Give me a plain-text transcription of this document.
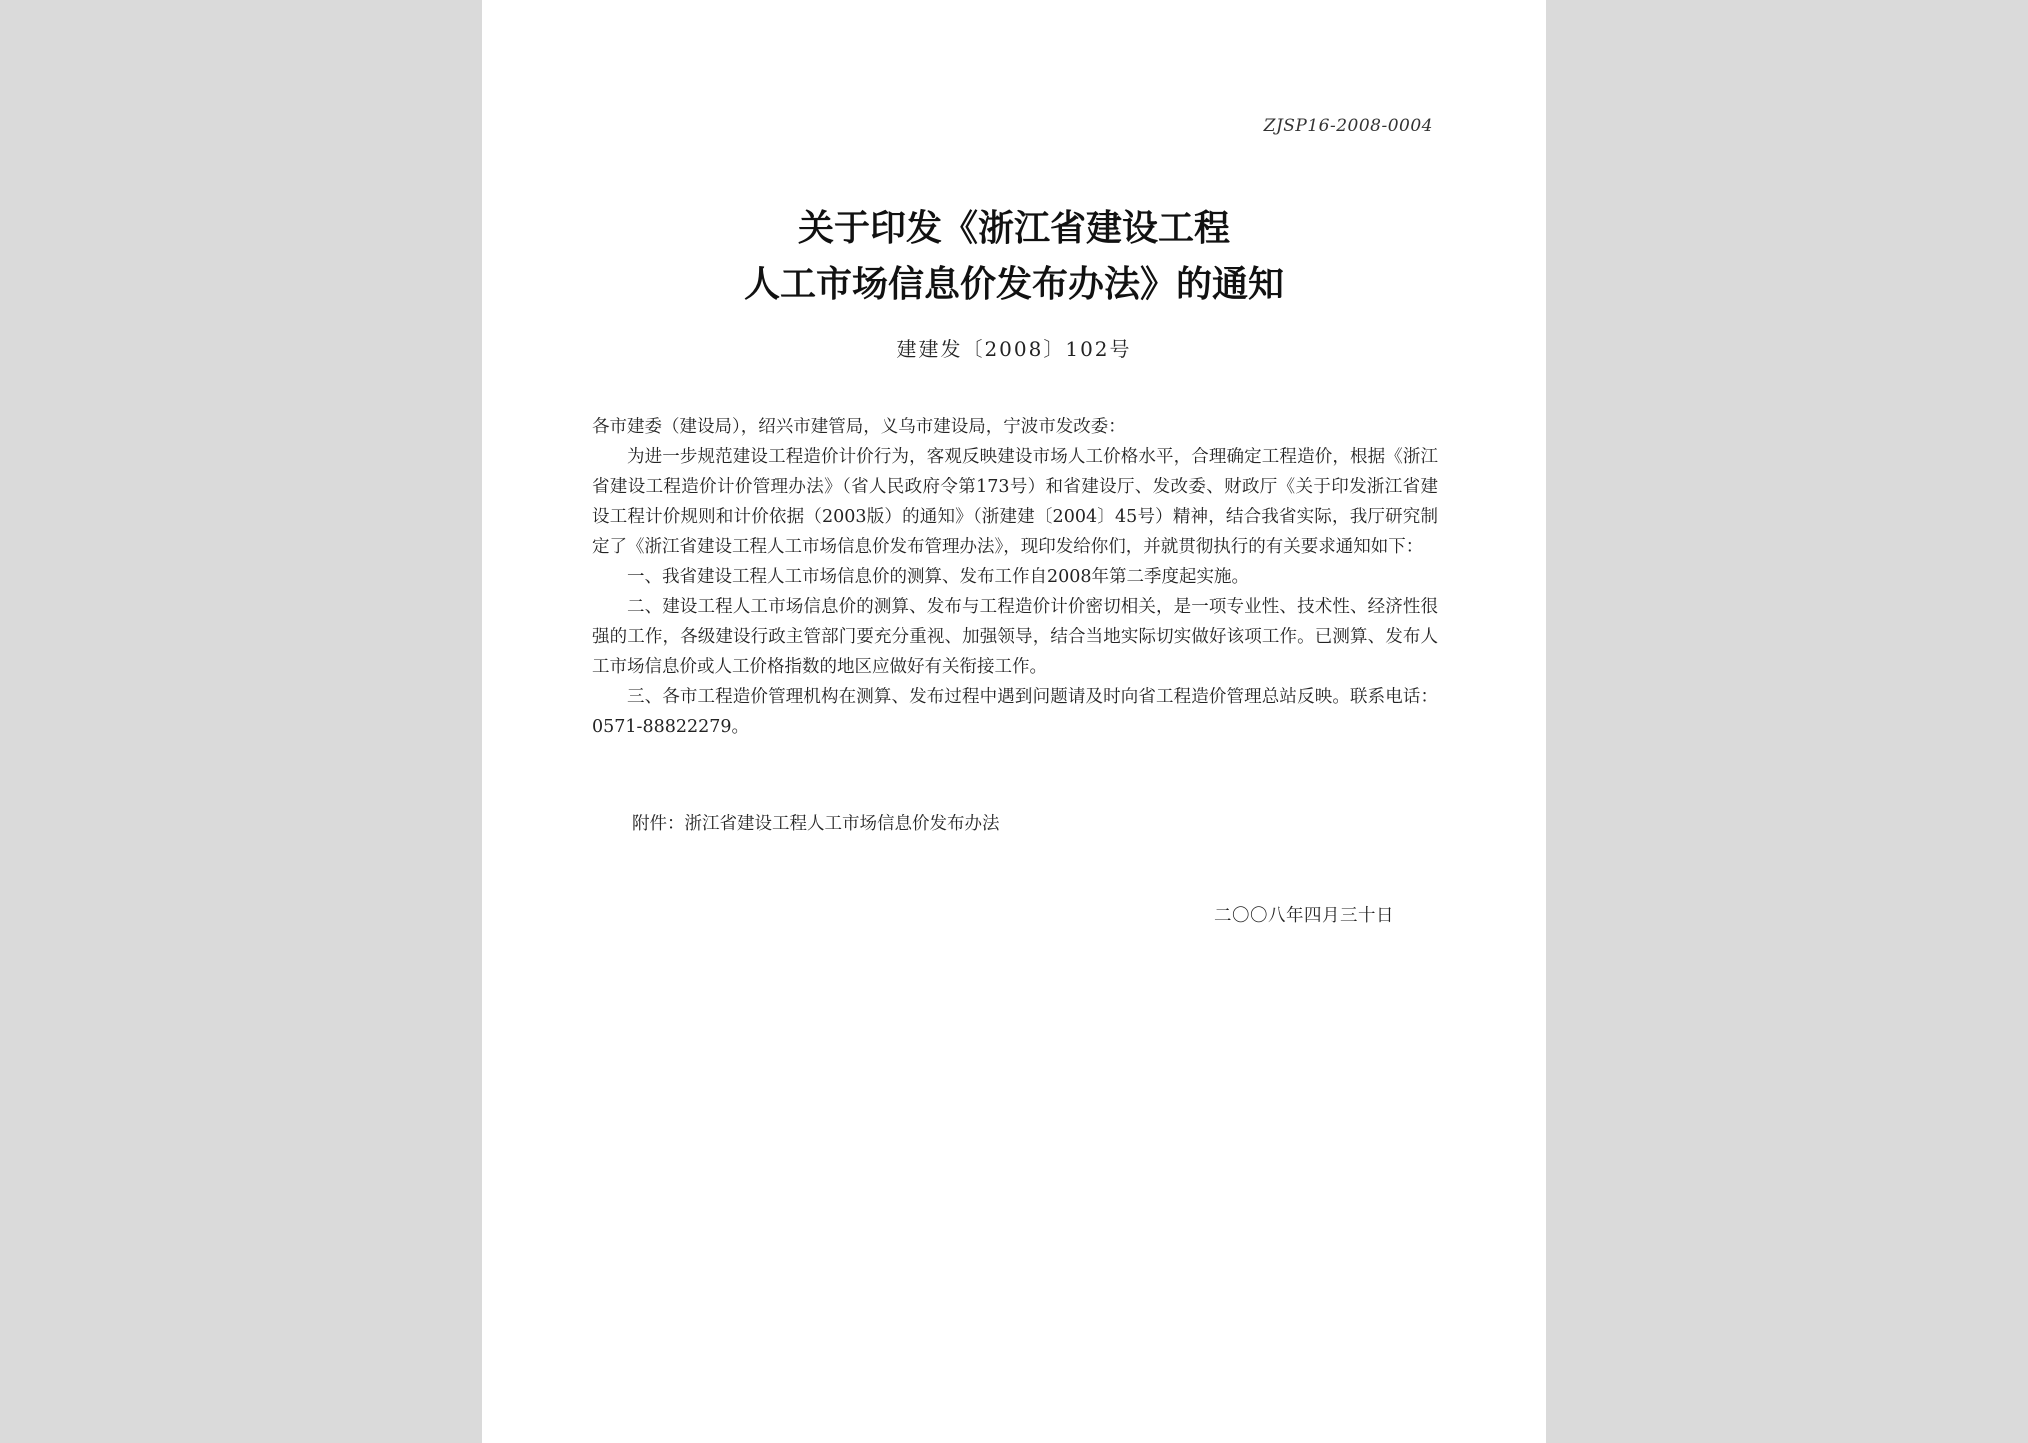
ZJSP16-2008-0004
关于印发《浙江省建设工程
人工市场信息价发布办法》的通知
建建发〔2008〕102号

各市建委（建设局），绍兴市建管局，义乌市建设局，宁波市发改委：

为进一步规范建设工程造价计价行为，客观反映建设市场人工价格水平，合理确定工程造价，根据《浙江省建设工程造价计价管理办法》（省人民政府令第173号）和省建设厅、发改委、财政厅《关于印发浙江省建设工程计价规则和计价依据（2003版）的通知》（浙建建〔2004〕45号）精神，结合我省实际，我厅研究制定了《浙江省建设工程人工市场信息价发布管理办法》，现印发给你们，并就贯彻执行的有关要求通知如下：

一、我省建设工程人工市场信息价的测算、发布工作自2008年第二季度起实施。

二、建设工程人工市场信息价的测算、发布与工程造价计价密切相关，是一项专业性、技术性、经济性很强的工作，各级建设行政主管部门要充分重视、加强领导，结合当地实际切实做好该项工作。已测算、发布人工市场信息价或人工价格指数的地区应做好有关衔接工作。

三、各市工程造价管理机构在测算、发布过程中遇到问题请及时向省工程造价管理总站反映。联系电话：0571-88822279。

附件：浙江省建设工程人工市场信息价发布办法
二〇〇八年四月三十日
